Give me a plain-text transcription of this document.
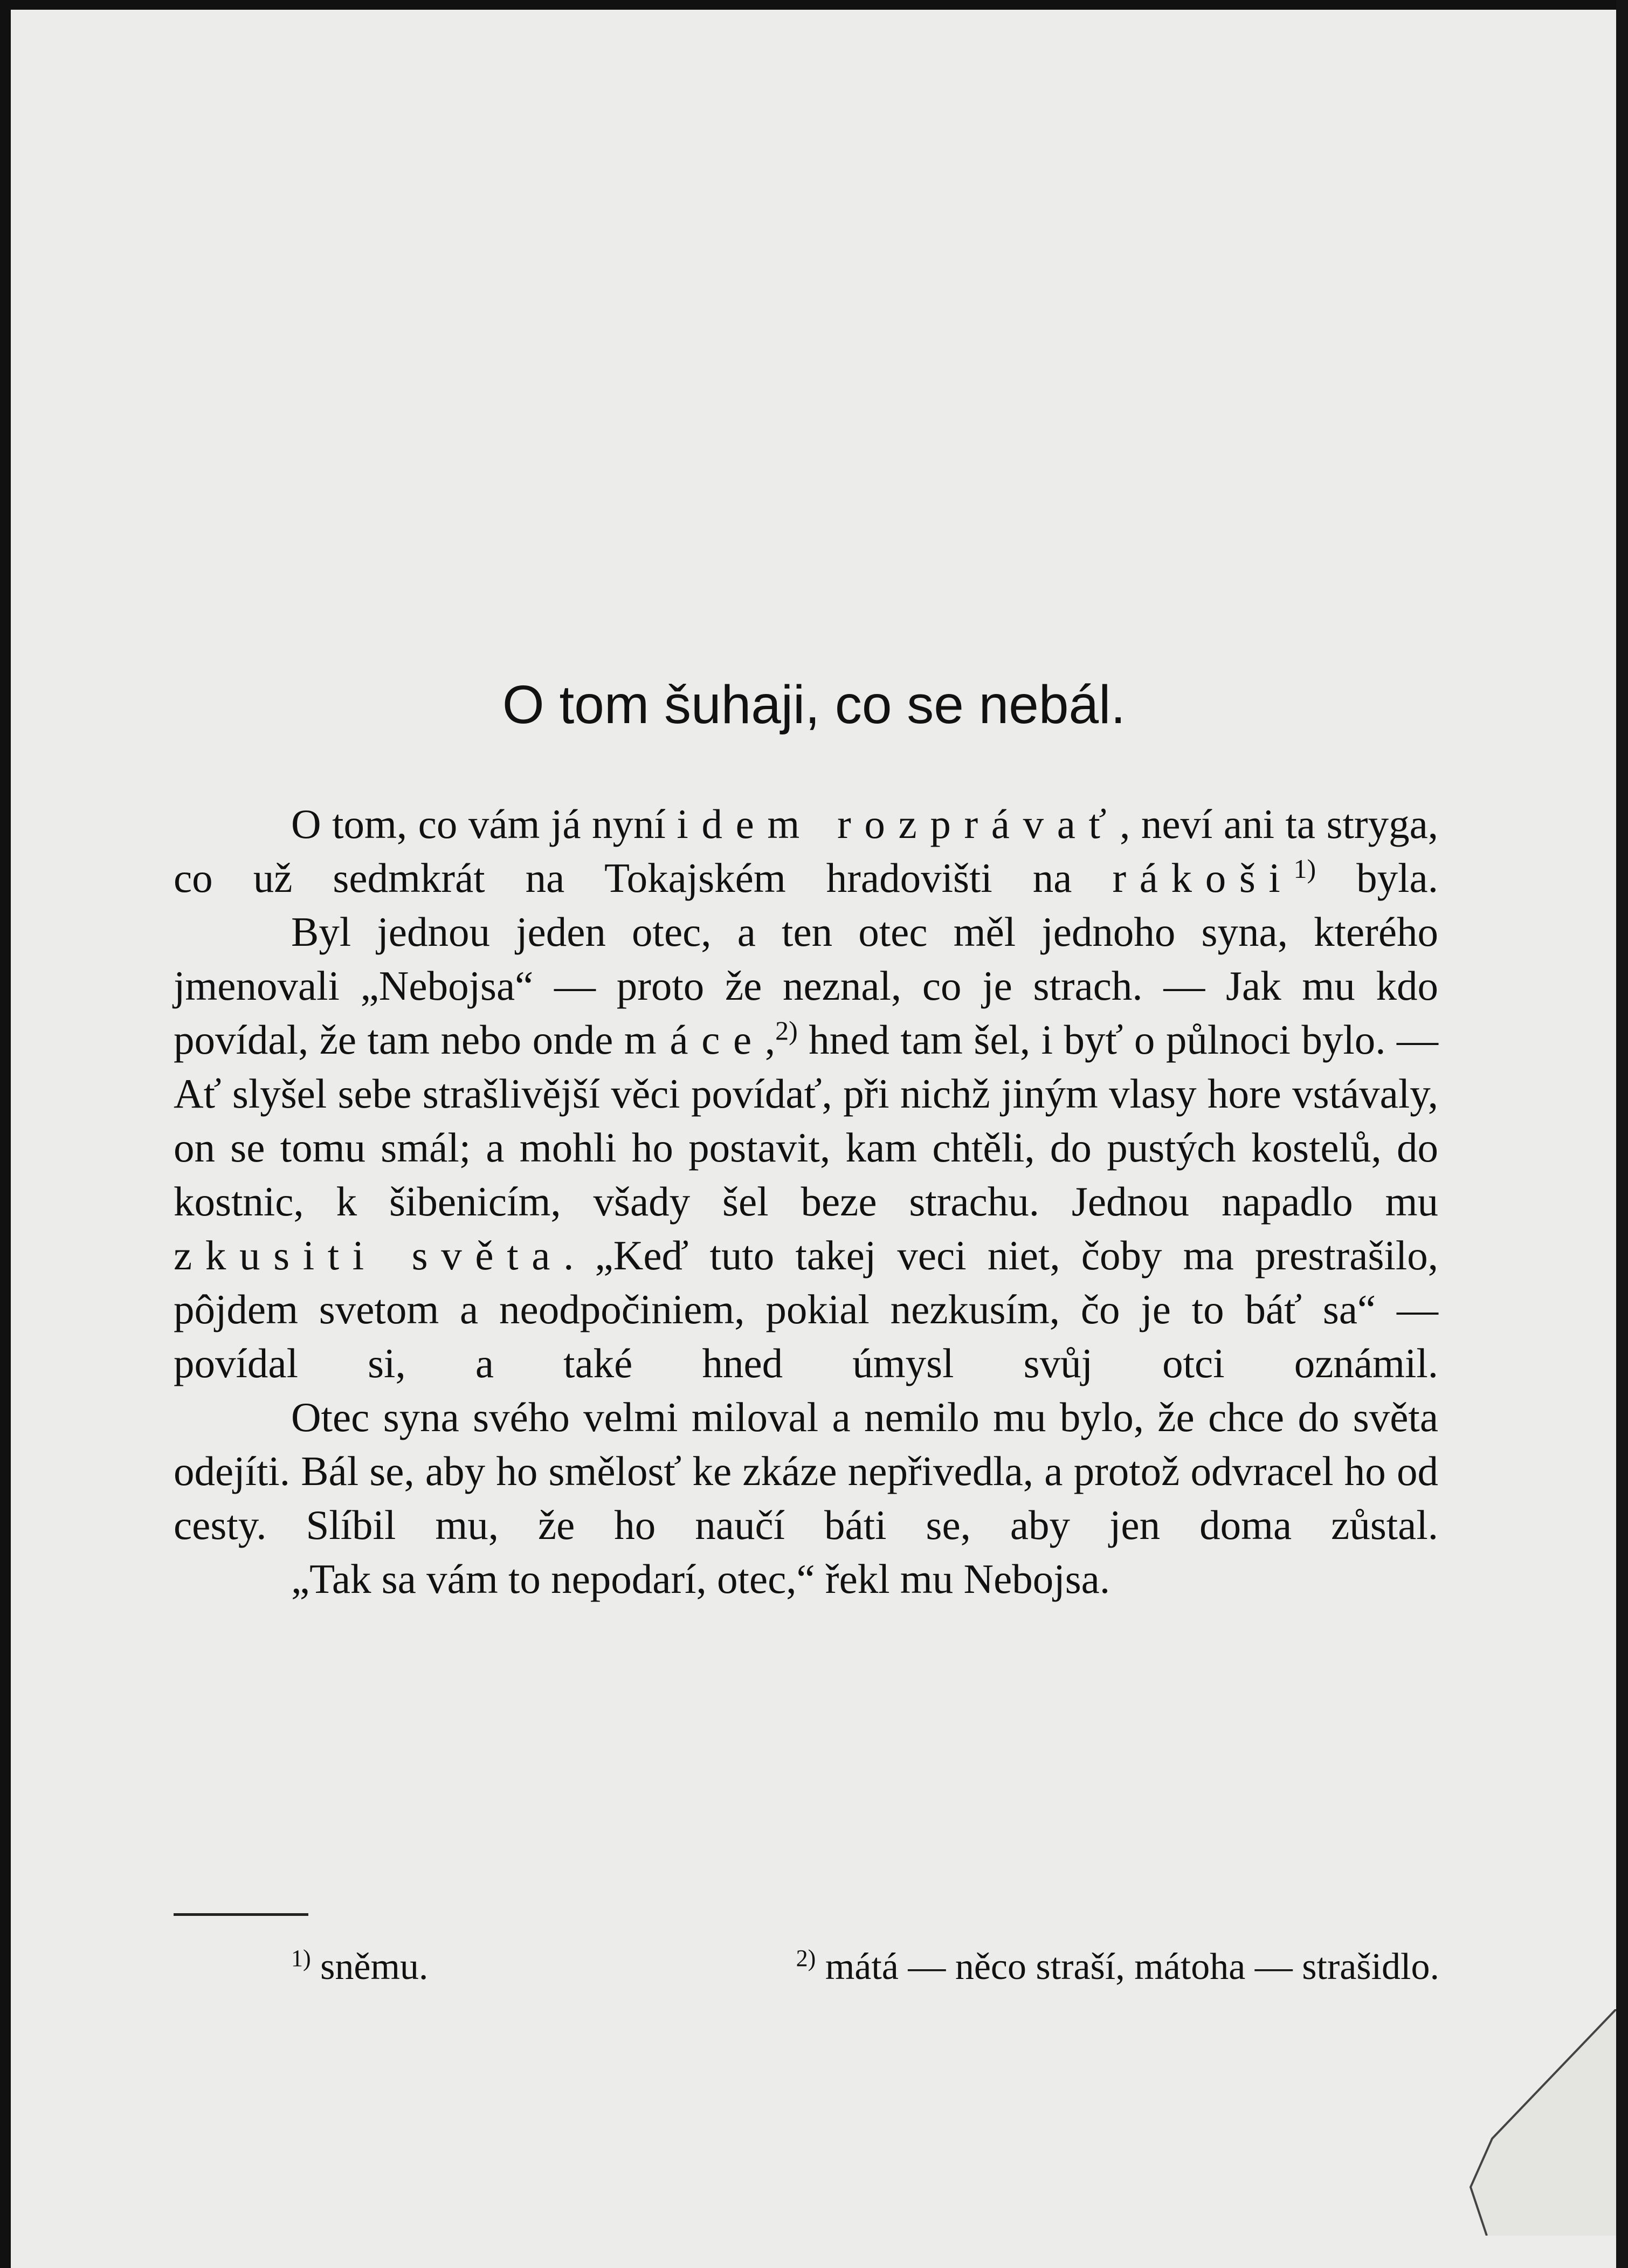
O tom šuhaji, co se nebál.

O tom, co vám já nyní idem rozprávať, neví ani ta stryga, co už sedmkrát na Tokajském hradovišti na rákoši$^{1)}$ byla.

Byl jednou jeden otec, a ten otec měl jednoho syna, kterého jmenovali „Nebojsa“ — proto že neznal, co je strach. — Jak mu kdo povídal, že tam nebo onde máce,$^{2)}$ hned tam šel, i byť o půlnoci bylo. — Ať slyšel sebe strašlivější věci povídať, při nichž jiným vlasy hore vstávaly, on se tomu smál; a mohli ho postavit, kam chtěli, do pustých kostelů, do kostnic, k šibenicím, všady šel beze strachu. Jednou napadlo mu zkusiti světa. „Keď tuto takej veci niet, čoby ma prestrašilo, pôjdem svetom a neodpočiniem, pokial nezkusím, čo je to báť sa“ — povídal si, a také hned úmysl svůj otci oznámil.

Otec syna svého velmi miloval a nemilo mu bylo, že chce do světa odejíti. Bál se, aby ho smělosť ke zkáze nepřivedla, a protož odvracel ho od cesty. Slíbil mu, že ho naučí báti se, aby jen doma zůstal.

„Tak sa vám to nepodarí, otec,“ řekl mu Nebojsa.

$^{1)}$ sněmu.	$^{2)}$ mátá — něco straší, mátoha — strašidlo.
